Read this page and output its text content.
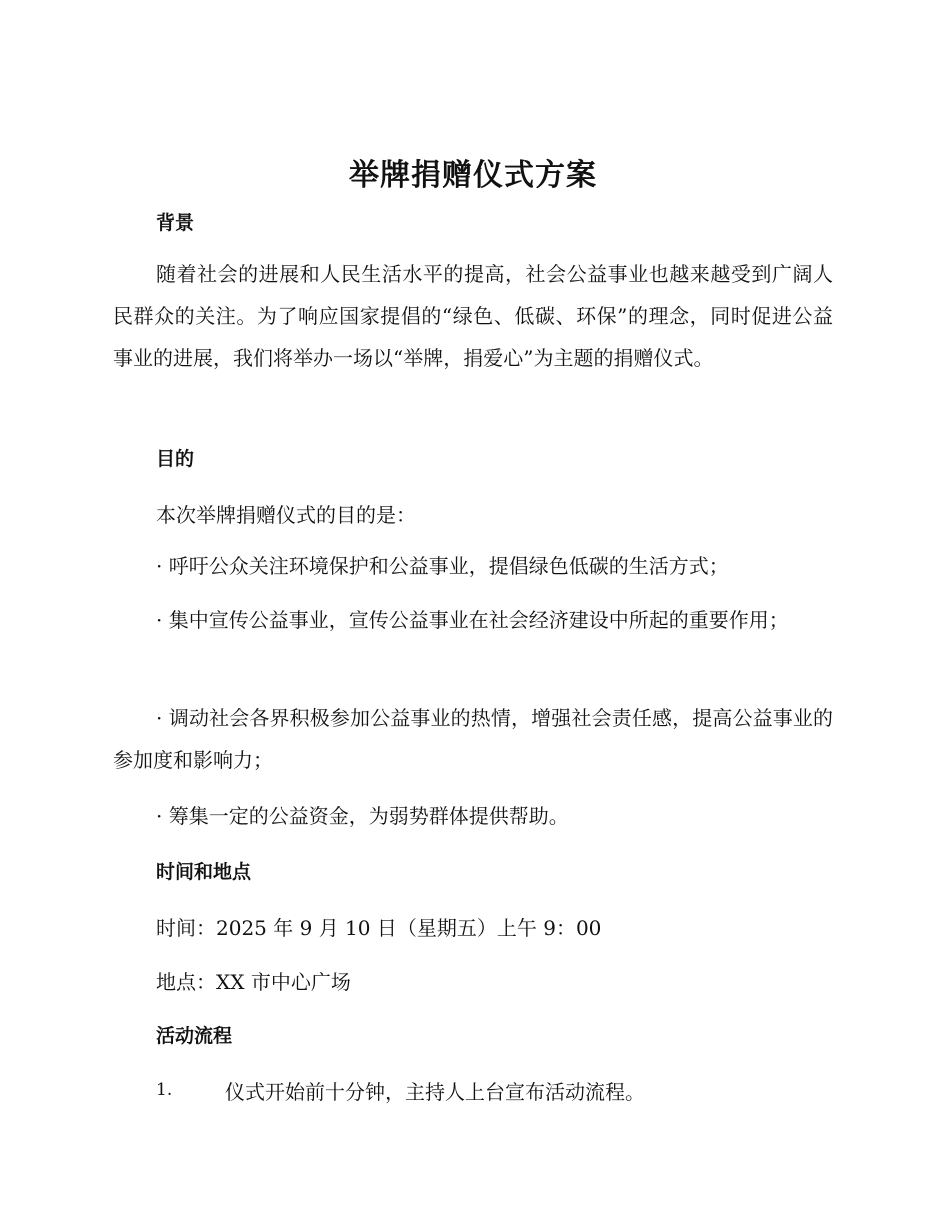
举牌捐赠仪式方案
背景
随着社会的进展和人民生活水平的提高，社会公益事业也越来越受到广阔人民群众的关注。为了响应国家提倡的“绿色、低碳、环保”的理念，同时促进公益事业的进展，我们将举办一场以“举牌，捐爱心”为主题的捐赠仪式。
目的
本次举牌捐赠仪式的目的是：
· 呼吁公众关注环境保护和公益事业，提倡绿色低碳的生活方式；
· 集中宣传公益事业，宣传公益事业在社会经济建设中所起的重要作用；
· 调动社会各界积极参加公益事业的热情，增强社会责任感，提高公益事业的参加度和影响力；
· 筹集一定的公益资金，为弱势群体提供帮助。
时间和地点
时间：2025 年 9 月 10 日（星期五）上午 9：00
地点：XX 市中心广场
活动流程
1.	仪式开始前十分钟，主持人上台宣布活动流程。
